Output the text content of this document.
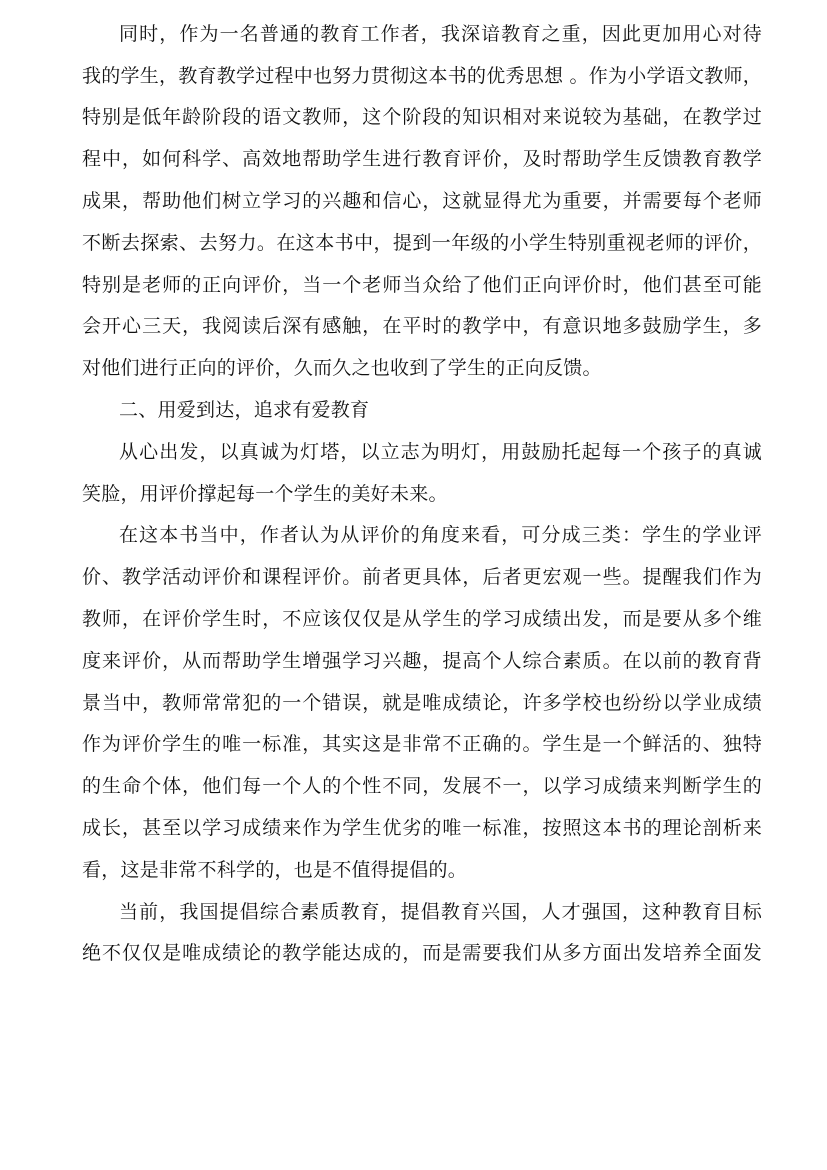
同时，作为一名普通的教育工作者，我深谙教育之重，因此更加用心对待
我的学生，教育教学过程中也努力贯彻这本书的优秀思想 。作为小学语文教师，
特别是低年龄阶段的语文教师，这个阶段的知识相对来说较为基础，在教学过
程中，如何科学、高效地帮助学生进行教育评价，及时帮助学生反馈教育教学
成果，帮助他们树立学习的兴趣和信心，这就显得尤为重要，并需要每个老师
不断去探索、去努力。在这本书中，提到一年级的小学生特别重视老师的评价，
特别是老师的正向评价，当一个老师当众给了他们正向评价时，他们甚至可能
会开心三天，我阅读后深有感触，在平时的教学中，有意识地多鼓励学生，多
对他们进行正向的评价，久而久之也收到了学生的正向反馈。
二、用爱到达，追求有爱教育
从心出发，以真诚为灯塔，以立志为明灯，用鼓励托起每一个孩子的真诚
笑脸，用评价撑起每一个学生的美好未来。
在这本书当中，作者认为从评价的角度来看，可分成三类：学生的学业评
价、教学活动评价和课程评价。前者更具体，后者更宏观一些。提醒我们作为
教师，在评价学生时，不应该仅仅是从学生的学习成绩出发，而是要从多个维
度来评价，从而帮助学生增强学习兴趣，提高个人综合素质。在以前的教育背
景当中，教师常常犯的一个错误，就是唯成绩论，许多学校也纷纷以学业成绩
作为评价学生的唯一标准，其实这是非常不正确的。学生是一个鲜活的、独特
的生命个体，他们每一个人的个性不同，发展不一，以学习成绩来判断学生的
成长，甚至以学习成绩来作为学生优劣的唯一标准，按照这本书的理论剖析来
看，这是非常不科学的，也是不值得提倡的。
当前，我国提倡综合素质教育，提倡教育兴国，人才强国，这种教育目标
绝不仅仅是唯成绩论的教学能达成的，而是需要我们从多方面出发培养全面发
